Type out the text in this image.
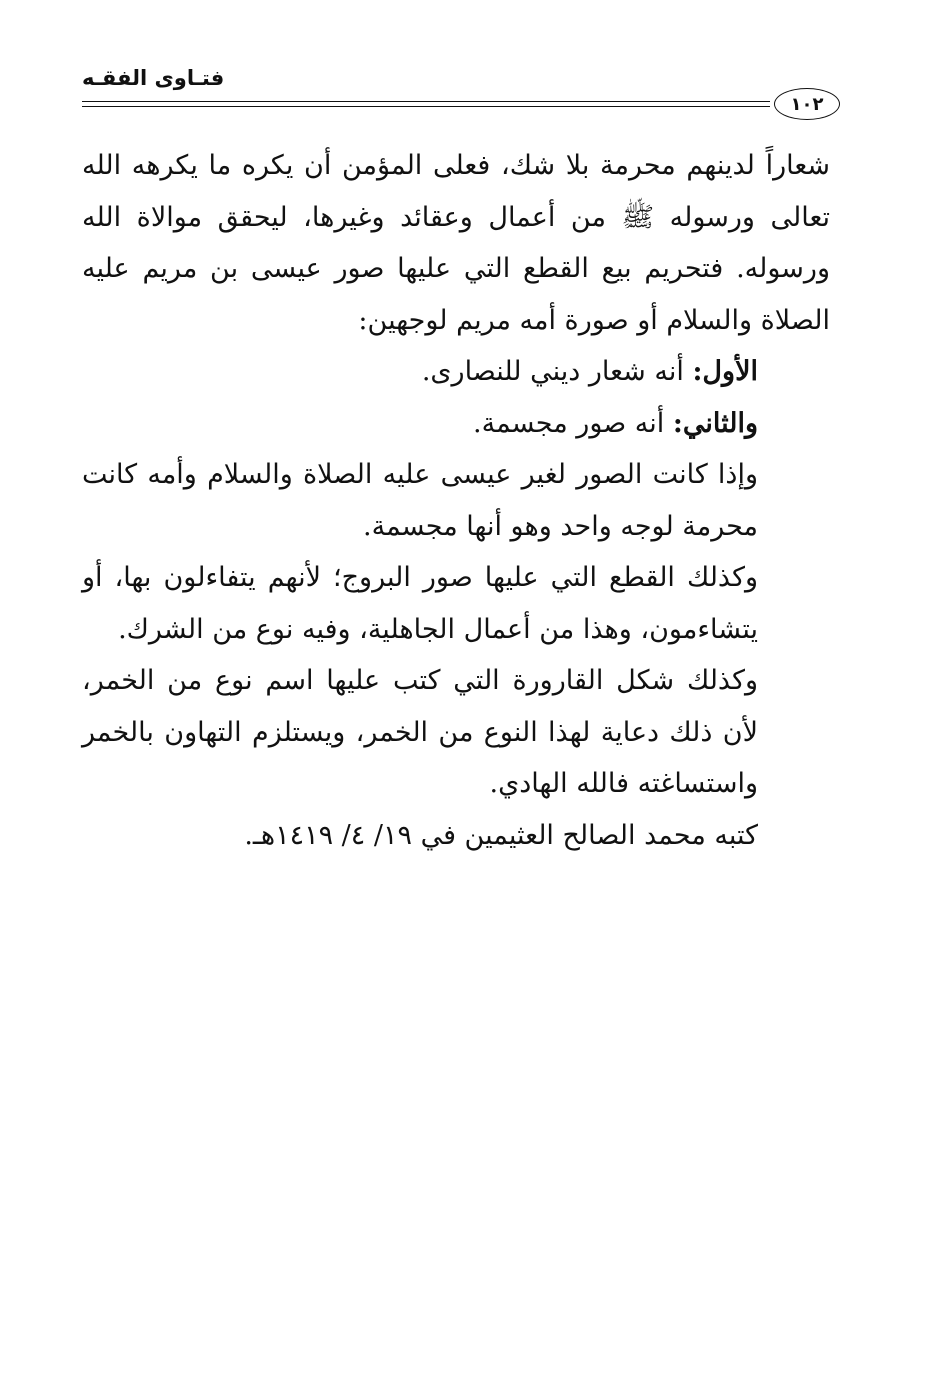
فتـاوى الفقـه
١٠٢

شعاراً لدينهم محرمة بلا شك، فعلى المؤمن أن يكره ما يكرهه الله تعالى ورسوله ﷺ من أعمال وعقائد وغيرها، ليحقق موالاة الله ورسوله. فتحريم بيع القطع التي عليها صور عيسى بن مريم عليه الصلاة والسلام أو صورة أمه مريم لوجهين:

الأول: أنه شعار ديني للنصارى.

والثاني: أنه صور مجسمة.

وإذا كانت الصور لغير عيسى عليه الصلاة والسلام وأمه كانت محرمة لوجه واحد وهو أنها مجسمة.

وكذلك القطع التي عليها صور البروج؛ لأنهم يتفاءلون بها، أو يتشاءمون، وهذا من أعمال الجاهلية، وفيه نوع من الشرك.

وكذلك شكل القارورة التي كتب عليها اسم نوع من الخمر، لأن ذلك دعاية لهذا النوع من الخمر، ويستلزم التهاون بالخمر واستساغته فالله الهادي.

كتبه محمد الصالح العثيمين في ١٩/ ٤/ ١٤١٩هـ.
